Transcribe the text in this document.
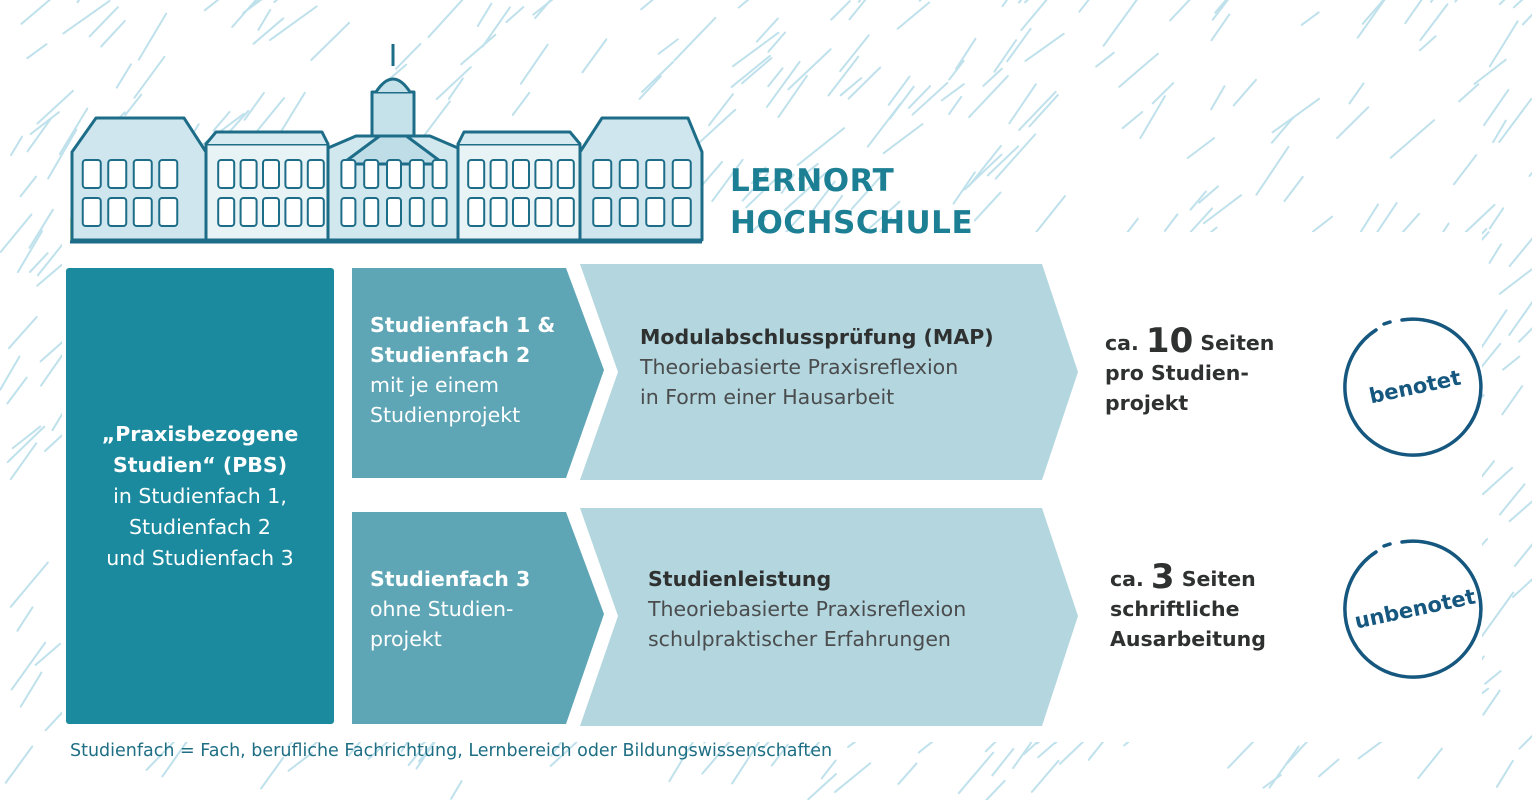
LERNORT
HOCHSCHULE
„Praxisbezogene
Studien“ (PBS)
in Studienfach 1,
Studienfach 2
und Studienfach 3
Studienfach 1 &
Studienfach 2
mit je einem
Studienprojekt
Modulabschlussprüfung (MAP)
Theoriebasierte Praxisreflexion
in Form einer Hausarbeit
ca. 10 Seiten
pro Studien-
projekt	benotet
Studienfach 3
ohne Studien-
projekt
Studienleistung
Theoriebasierte Praxisreflexion
schulpraktischer Erfahrungen
ca. 3 Seiten
schriftliche
Ausarbeitung
unbenotet
Studienfach = Fach, berufliche Fachrichtung, Lernbereich oder Bildungswissenschaften
